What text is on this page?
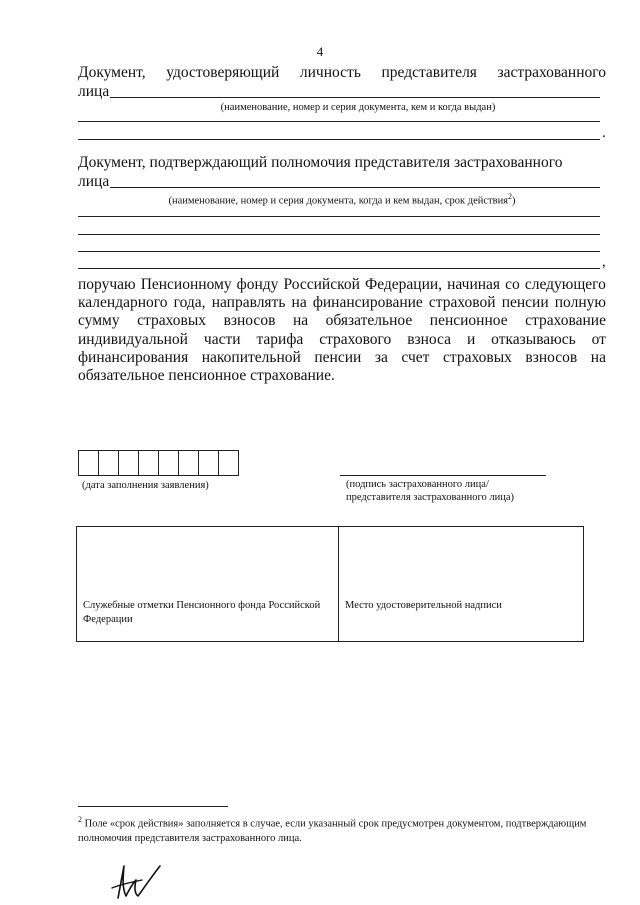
4
Документ, удостоверяющий личность представителя застрахованного
лица
(наименование, номер и серия документа, кем и когда выдан)
.
Документ, подтверждающий полномочия представителя застрахованного
лица
(наименование, номер и серия документа, когда и кем выдан, срок действия$^2$)
,
поручаю Пенсионному фонду Российской Федерации, начиная со следующего
календарного года, направлять на финансирование страховой пенсии полную
сумму страховых взносов на обязательное пенсионное страхование
индивидуальной части тарифа страхового взноса и отказываюсь от
финансирования накопительной пенсии за счет страховых взносов на
обязательное пенсионное страхование.
(дата заполнения заявления)	(подпись застрахованного лица/
представителя застрахованного лица)
Служебные отметки Пенсионного фонда Российской
Федерации
Место удостоверительной надписи
$^2$ Поле «срок действия» заполняется в случае, если указанный срок предусмотрен документом, подтверждающим полномочия представителя застрахованного лица.
